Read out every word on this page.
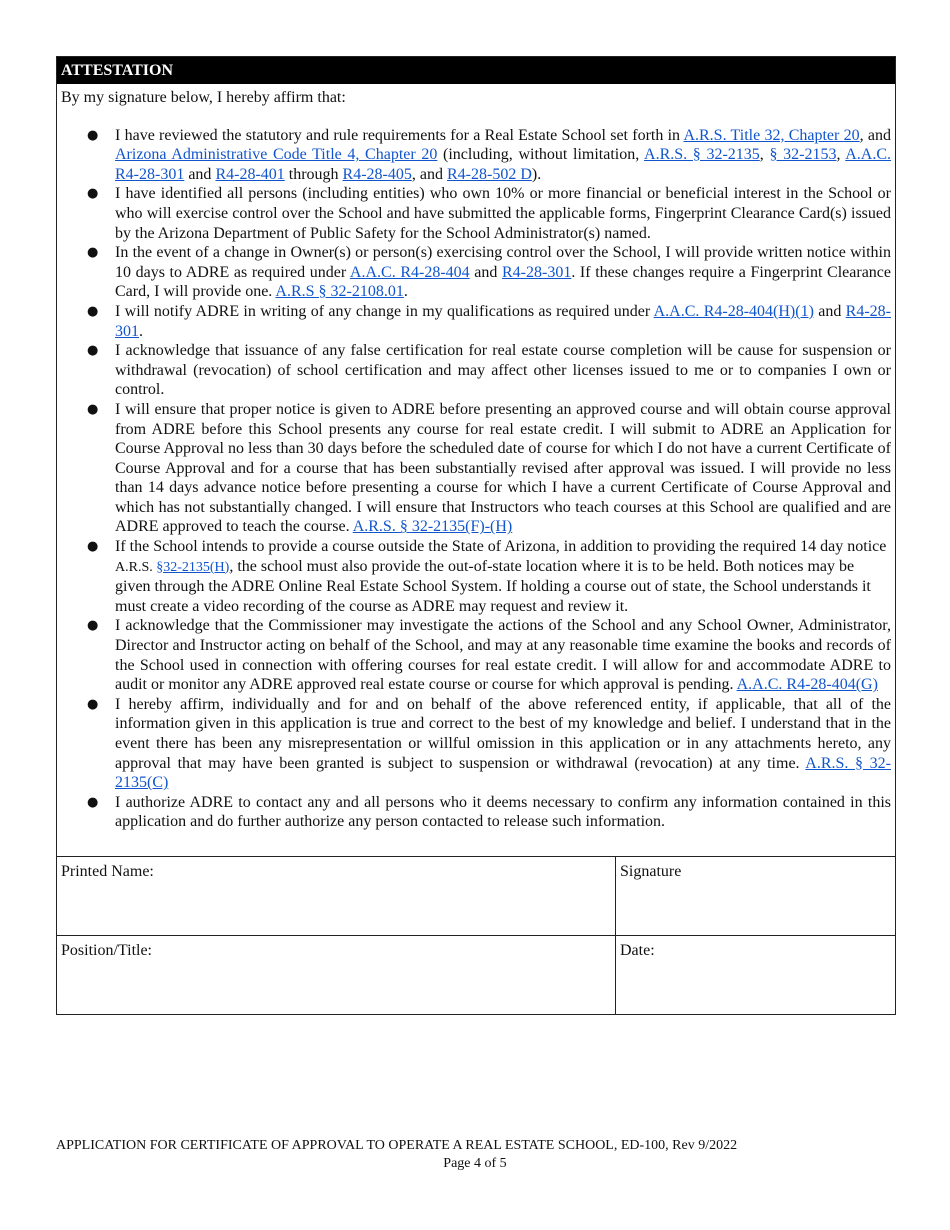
ATTESTATION
By my signature below, I hereby affirm that:
● I have reviewed the statutory and rule requirements for a Real Estate School set forth in A.R.S. Title 32, Chapter 20, and Arizona Administrative Code Title 4, Chapter 20 (including, without limitation, A.R.S. § 32-2135, § 32-2153, A.A.C. R4-28-301 and R4-28-401 through R4-28-405, and R4-28-502 D).
● I have identified all persons (including entities) who own 10% or more financial or beneficial interest in the School or who will exercise control over the School and have submitted the applicable forms, Fingerprint Clearance Card(s) issued by the Arizona Department of Public Safety for the School Administrator(s) named.
● In the event of a change in Owner(s) or person(s) exercising control over the School, I will provide written notice within 10 days to ADRE as required under A.A.C. R4-28-404 and R4-28-301. If these changes require a Fingerprint Clearance Card, I will provide one. A.R.S § 32-2108.01.
● I will notify ADRE in writing of any change in my qualifications as required under A.A.C. R4-28-404(H)(1) and R4-28-301.
● I acknowledge that issuance of any false certification for real estate course completion will be cause for suspension or withdrawal (revocation) of school certification and may affect other licenses issued to me or to companies I own or control.
● I will ensure that proper notice is given to ADRE before presenting an approved course and will obtain course approval from ADRE before this School presents any course for real estate credit. I will submit to ADRE an Application for Course Approval no less than 30 days before the scheduled date of course for which I do not have a current Certificate of Course Approval and for a course that has been substantially revised after approval was issued. I will provide no less than 14 days advance notice before presenting a course for which I have a current Certificate of Course Approval and which has not substantially changed. I will ensure that Instructors who teach courses at this School are qualified and are ADRE approved to teach the course. A.R.S. § 32-2135(F)-(H)
● If the School intends to provide a course outside the State of Arizona, in addition to providing the required 14 day notice A.R.S. §32-2135(H), the school must also provide the out-of-state location where it is to be held. Both notices may be given through the ADRE Online Real Estate School System. If holding a course out of state, the School understands it must create a video recording of the course as ADRE may request and review it.
● I acknowledge that the Commissioner may investigate the actions of the School and any School Owner, Administrator, Director and Instructor acting on behalf of the School, and may at any reasonable time examine the books and records of the School used in connection with offering courses for real estate credit. I will allow for and accommodate ADRE to audit or monitor any ADRE approved real estate course or course for which approval is pending. A.A.C. R4-28-404(G)
● I hereby affirm, individually and for and on behalf of the above referenced entity, if applicable, that all of the information given in this application is true and correct to the best of my knowledge and belief. I understand that in the event there has been any misrepresentation or willful omission in this application or in any attachments hereto, any approval that may have been granted is subject to suspension or withdrawal (revocation) at any time. A.R.S. § 32-2135(C)
● I authorize ADRE to contact any and all persons who it deems necessary to confirm any information contained in this application and do further authorize any person contacted to release such information.
Printed Name:	Signature
Position/Title:	Date:
APPLICATION FOR CERTIFICATE OF APPROVAL TO OPERATE A REAL ESTATE SCHOOL, ED-100, Rev 9/2022
Page 4 of 5
